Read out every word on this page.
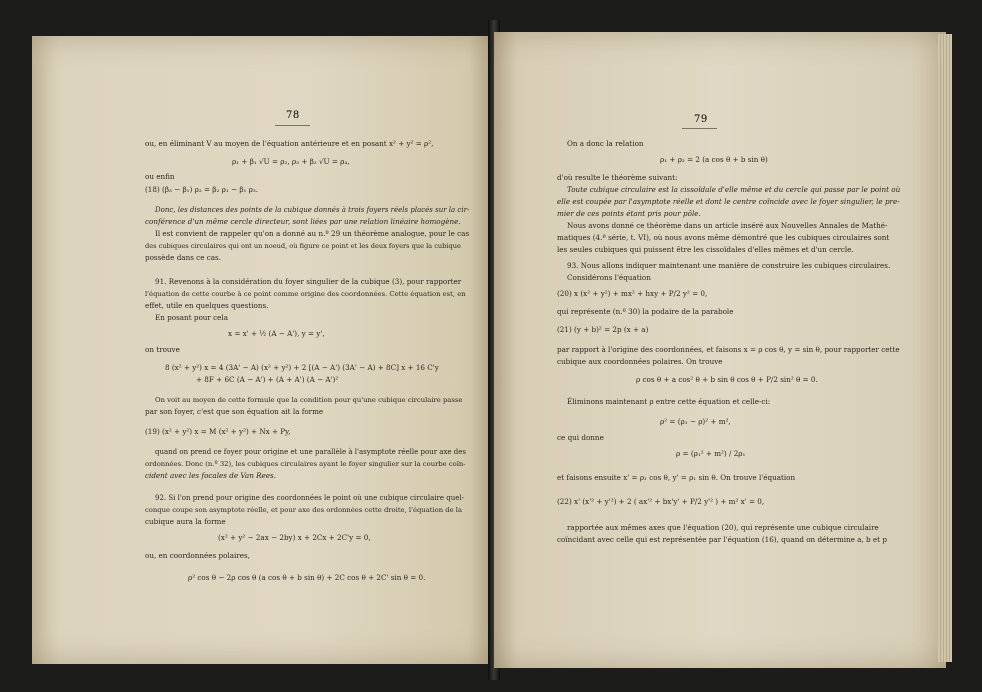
78
ou, en éliminant V au moyen de l'équation antérieure et en posant x² + y² = ρ²,
ρ₁ + β₁ √U = ρ₂, ρ₃ + β₂ √U = ρ₄,
ou enfin
(18) (β₃ − β₁) ρ₂ = β₂ ρ₁ − β₁ ρ₃.
Donc, les distances des points de la cubique donnés à trois foyers réels placés sur la cir-
conférence d'un même cercle directeur, sont liées par une relation linéaire homogène.
Il est convient de rappeler qu'on a donné au n.º 29 un théorème analogue, pour le cas
des cubiques circulaires qui ont un noeud, où figure ce point et les deux foyers que la cubique
possède dans ce cas.
91. Revenons à la considération du foyer singulier de la cubique (3), pour rapporter
l'équation de cette courbe à ce point comme origine des coordonnées. Cette équation est, en
effet, utile en quelques questions.
En posant pour cela
x = x' + ½ (A − A'), y = y',
on trouve
8 (x² + y²) x = 4 (3A' − A) (x² + y²) + 2 [(A − A') (3A' − A) + 8C] x + 16 C'y
+ 8F + 6C (A − A') + (A + A') (A − A')²
On voit au moyen de cette formule que la condition pour qu'une cubique circulaire passe
par son foyer, c'est que son équation ait la forme
(19) (x² + y²) x = M (x² + y²) + Nx + Py,
quand on prend ce foyer pour origine et une parallèle à l'asymptote réelle pour axe des
ordonnées. Donc (n.º 32), les cubiques circulaires ayant le foyer singulier sur la courbe coïn-
cident avec les focales de Van Rees.
92. Si l'on prend pour origine des coordonnées le point où une cubique circulaire quel-
conque coupe son asymptote réelle, et pour axe des ordonnées cette droite, l'équation de la
cubique aura la forme
(x² + y² − 2ax − 2by) x + 2Cx + 2C'y = 0,
ou, en coordonnées polaires,
ρ² cos θ − 2ρ cos θ (a cos θ + b sin θ) + 2C cos θ + 2C' sin θ = 0.
79
On a donc la relation
ρ₁ + ρ₂ = 2 (a cos θ + b sin θ)
d'où resulte le théorème suivant:
Toute cubique circulaire est la cissoïdale d'elle même et du cercle qui passe par le point où
elle est coupée par l'asymptote réelle et dont le centre coïncide avec le foyer singulier, le pre-
mier de ces points étant pris pour pôle.
Nous avons donné ce théorème dans un article inséré aux Nouvelles Annales de Mathé-
matiques (4.ª série, t. VI), où nous avons même démontré que les cubiques circulaires sont
les seules cubiques qui puissent être les cissoïdales d'elles mêmes et d'un cercle.
93. Nous allons indiquer maintenant une manière de construire les cubiques circulaires.
Considérons l'équation
(20) x (x² + y²) + mx² + hxy + P/2 y² = 0,
qui représente (n.º 30) la podaire de la parabole
(21) (y + b)² = 2p (x + a)
par rapport à l'origine des coordonnées, et faisons x = ρ cos θ, y = sin θ, pour rapporter cette
cubique aux coordonnées polaires. On trouve
ρ cos θ + a cos² θ + b sin θ cos θ + P/2 sin² θ = 0.
Éliminons maintenant ρ entre cette équation et celle-ci:
ρ² = (ρ₁ − ρ)² + m²,
ce qui donne
ρ = (ρ₁² + m²) / 2ρ₁
et faisons ensuite x' = ρ₁ cos θ, y' = ρ₁ sin θ. On trouve l'équation
(22) x' (x'² + y'²) + 2 ( ax'² + bx'y' + P/2 y'² ) + m² x' = 0,
rapportée aux mêmes axes que l'équation (20), qui représente une cubique circulaire
coïncidant avec celle qui est représentée par l'équation (16), quand on détermine a, b et p
